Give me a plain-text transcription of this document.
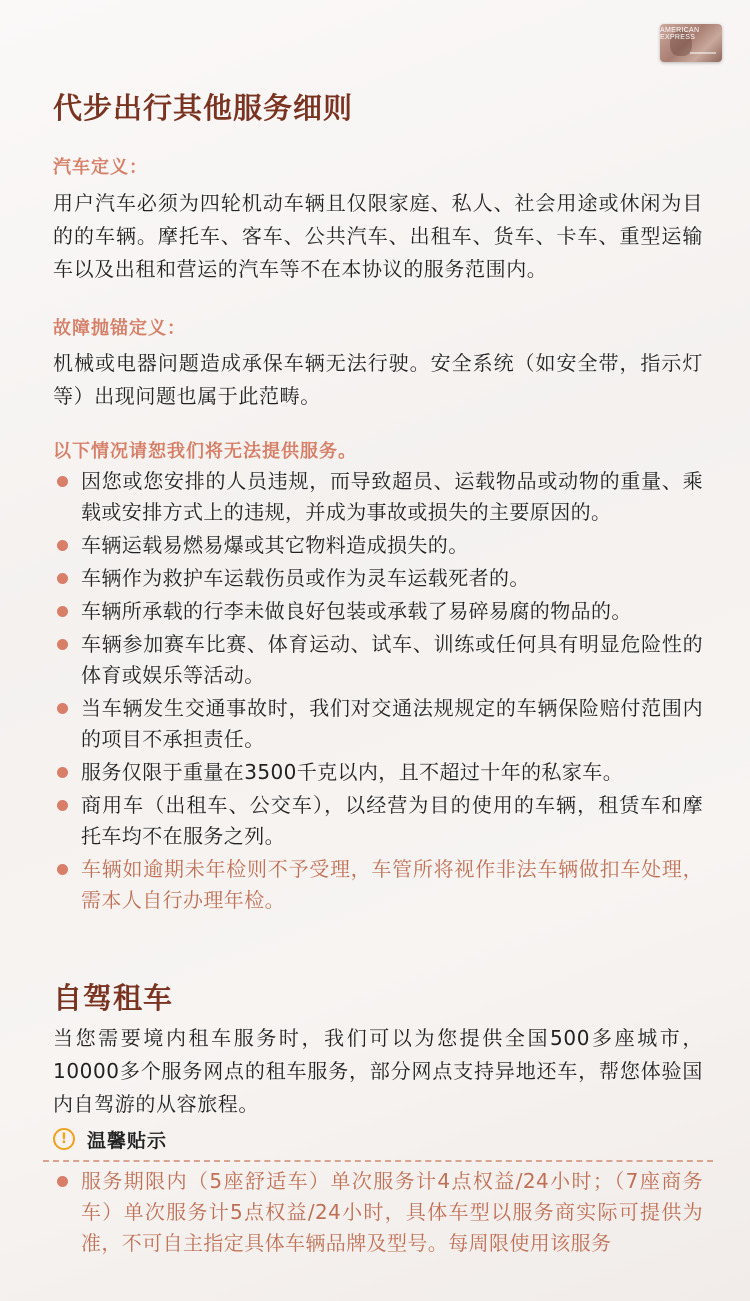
AMERICAN EXPRESS
代步出行其他服务细则
汽车定义：
用户汽车必须为四轮机动车辆且仅限家庭、私人、社会用途或休闲为目的的车辆。摩托车、客车、公共汽车、出租车、货车、卡车、重型运输车以及出租和营运的汽车等不在本协议的服务范围内。
故障抛锚定义：
机械或电器问题造成承保车辆无法行驶。安全系统（如安全带，指示灯等）出现问题也属于此范畴。
以下情况请恕我们将无法提供服务。
因您或您安排的人员违规，而导致超员、运载物品或动物的重量、乘载或安排方式上的违规，并成为事故或损失的主要原因的。
车辆运载易燃易爆或其它物料造成损失的。
车辆作为救护车运载伤员或作为灵车运载死者的。
车辆所承载的行李未做良好包装或承载了易碎易腐的物品的。
车辆参加赛车比赛、体育运动、试车、训练或任何具有明显危险性的体育或娱乐等活动。
当车辆发生交通事故时，我们对交通法规规定的车辆保险赔付范围内的项目不承担责任。
服务仅限于重量在3500千克以内，且不超过十年的私家车。
商用车（出租车、公交车），以经营为目的使用的车辆，租赁车和摩托车均不在服务之列。
车辆如逾期未年检则不予受理，车管所将视作非法车辆做扣车处理，需本人自行办理年检。
自驾租车
当您需要境内租车服务时，我们可以为您提供全国500多座城市，10000多个服务网点的租车服务，部分网点支持异地还车，帮您体验国内自驾游的从容旅程。
!	温馨贴示
服务期限内（5座舒适车）单次服务计4点权益/24小时；（7座商务车）单次服务计5点权益/24小时，具体车型以服务商实际可提供为准，不可自主指定具体车辆品牌及型号。每周限使用该服务
